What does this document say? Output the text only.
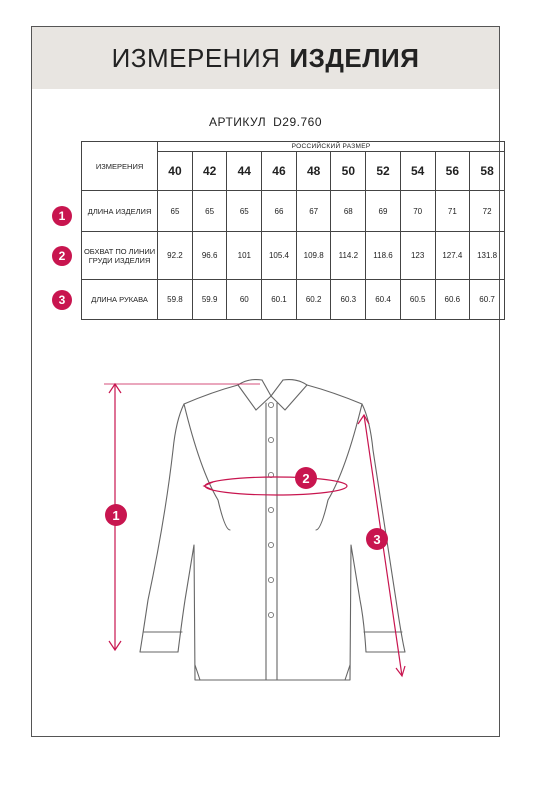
ИЗМЕРЕНИЯ ИЗДЕЛИЯ
АРТИКУЛ D29.760
ИЗМЕРЕНИЯ	РОССИЙСКИЙ РАЗМЕР									
	40	42	44	46	48	50	52	54	56	58
ДЛИНА ИЗДЕЛИЯ	65	65	65	66	67	68	69	70	71	72
ОБХВАТ ПО ЛИНИИ ГРУДИ ИЗДЕЛИЯ	92.2	96.6	101	105.4	109.8	114.2	118.6	123	127.4	131.8
ДЛИНА РУКАВА	59.8	59.9	60	60.1	60.2	60.3	60.4	60.5	60.6	60.7
1
2
3
1
2
3
